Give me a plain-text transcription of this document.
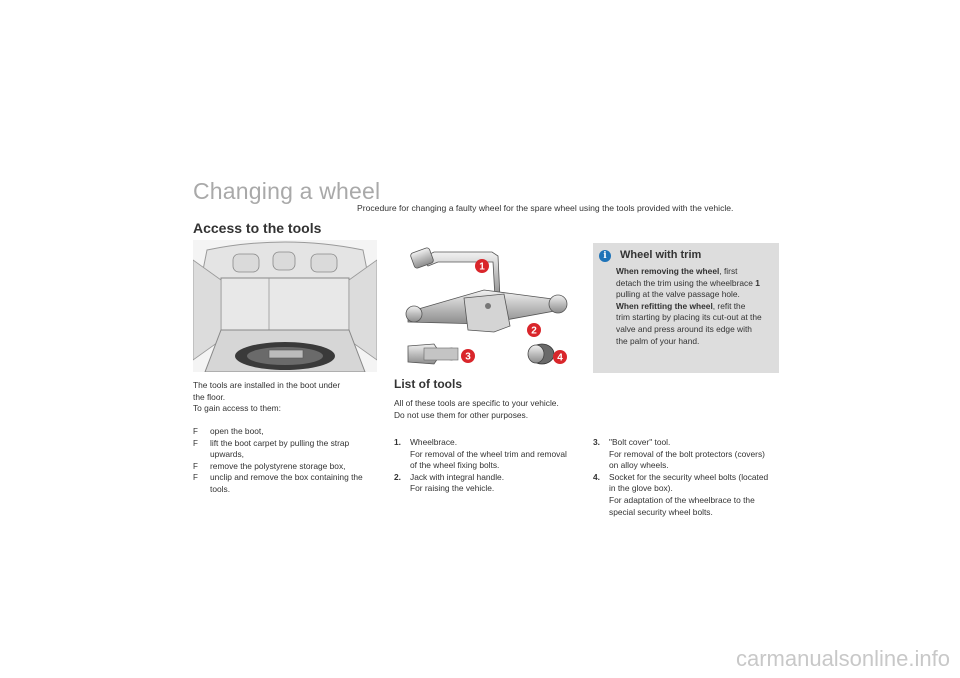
Changing a wheel
Procedure for changing a faulty wheel for the spare wheel using the tools provided with the vehicle.
Access to the tools
The tools are installed in the boot under
the floor.
To gain access to them:
F open the boot,
F lift the boot carpet by pulling the strap
upwards,
F remove the polystyrene storage box,
F unclip and remove the box containing the
tools.
1
2
3	4
i	Wheel with trim
When removing the wheel, first
detach the trim using the wheelbrace 1
pulling at the valve passage hole.
When refitting the wheel, refit the
trim starting by placing its cut-out at the
valve and press around its edge with
the palm of your hand.
List of tools
All of these tools are specific to your vehicle.
Do not use them for other purposes.
1. Wheelbrace.
For removal of the wheel trim and removal
of the wheel fixing bolts.
2. Jack with integral handle.
For raising the vehicle.
3. "Bolt cover" tool.
For removal of the bolt protectors (covers)
on alloy wheels.
4. Socket for the security wheel bolts (located
in the glove box).
For adaptation of the wheelbrace to the
special security wheel bolts.
carmanualsonline.info
